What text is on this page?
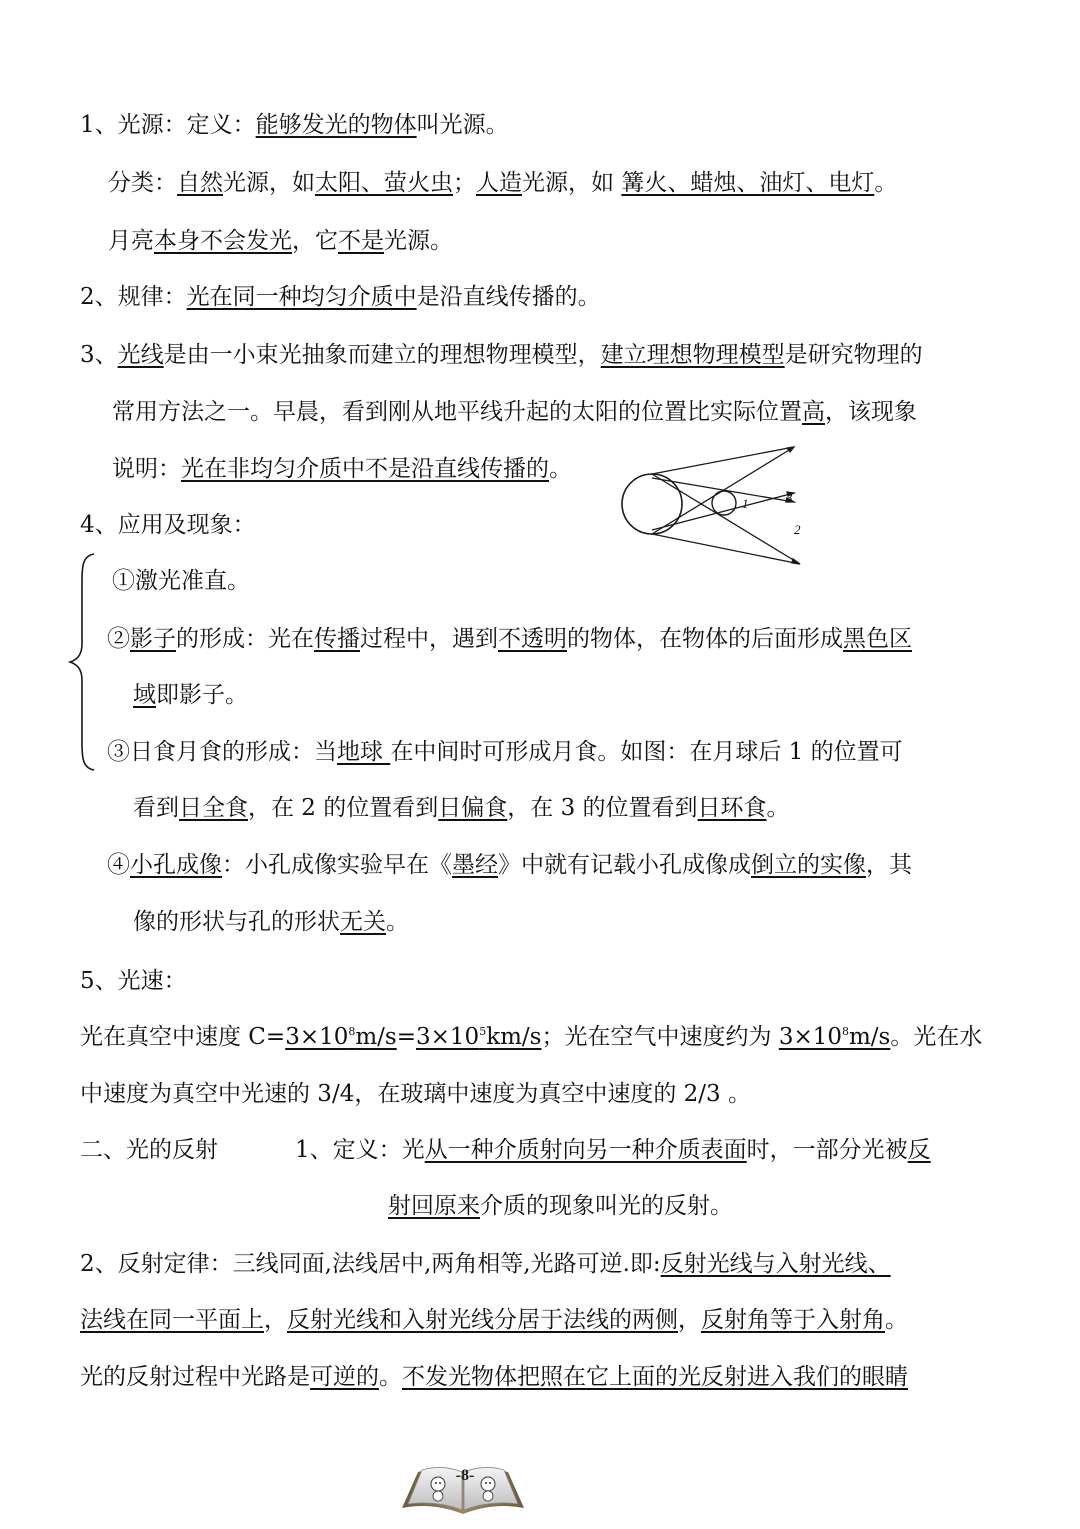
1、光源：定义：能够发光的物体叫光源。
分类：自然光源，如太阳、萤火虫；人造光源，如 篝火、蜡烛、油灯、电灯。
月亮本身不会发光，它不是光源。
2、规律：光在同一种均匀介质中是沿直线传播的。
3、光线是由一小束光抽象而建立的理想物理模型，建立理想物理模型是研究物理的
常用方法之一。早晨，看到刚从地平线升起的太阳的位置比实际位置高，该现象
说明：光在非均匀介质中不是沿直线传播的。
1
2
3
4、应用及现象：
①激光准直。
②影子的形成：光在传播过程中，遇到不透明的物体，在物体的后面形成黑色区
域即影子。
③日食月食的形成：当地球 在中间时可形成月食。如图：在月球后 1 的位置可
看到日全食，在 2 的位置看到日偏食，在 3 的位置看到日环食。
④小孔成像：小孔成像实验早在《墨经》中就有记载小孔成像成倒立的实像，其
像的形状与孔的形状无关。
5、光速：
光在真空中速度 $C=3\times 10^8m/s=3\times 10^5km/s$；光在空气中速度约为 $3\times 10^8m/s$。光在水
中速度为真空中光速的 3/4，在玻璃中速度为真空中速度的 2/3 。
二、光的反射	1、定义：光从一种介质射向另一种介质表面时，一部分光被反
射回原来介质的现象叫光的反射。
2、反射定律：三线同面,法线居中,两角相等,光路可逆.即:反射光线与入射光线、
法线在同一平面上，反射光线和入射光线分居于法线的两侧，反射角等于入射角。
光的反射过程中光路是可逆的。不发光物体把照在它上面的光反射进入我们的眼睛
-8-
